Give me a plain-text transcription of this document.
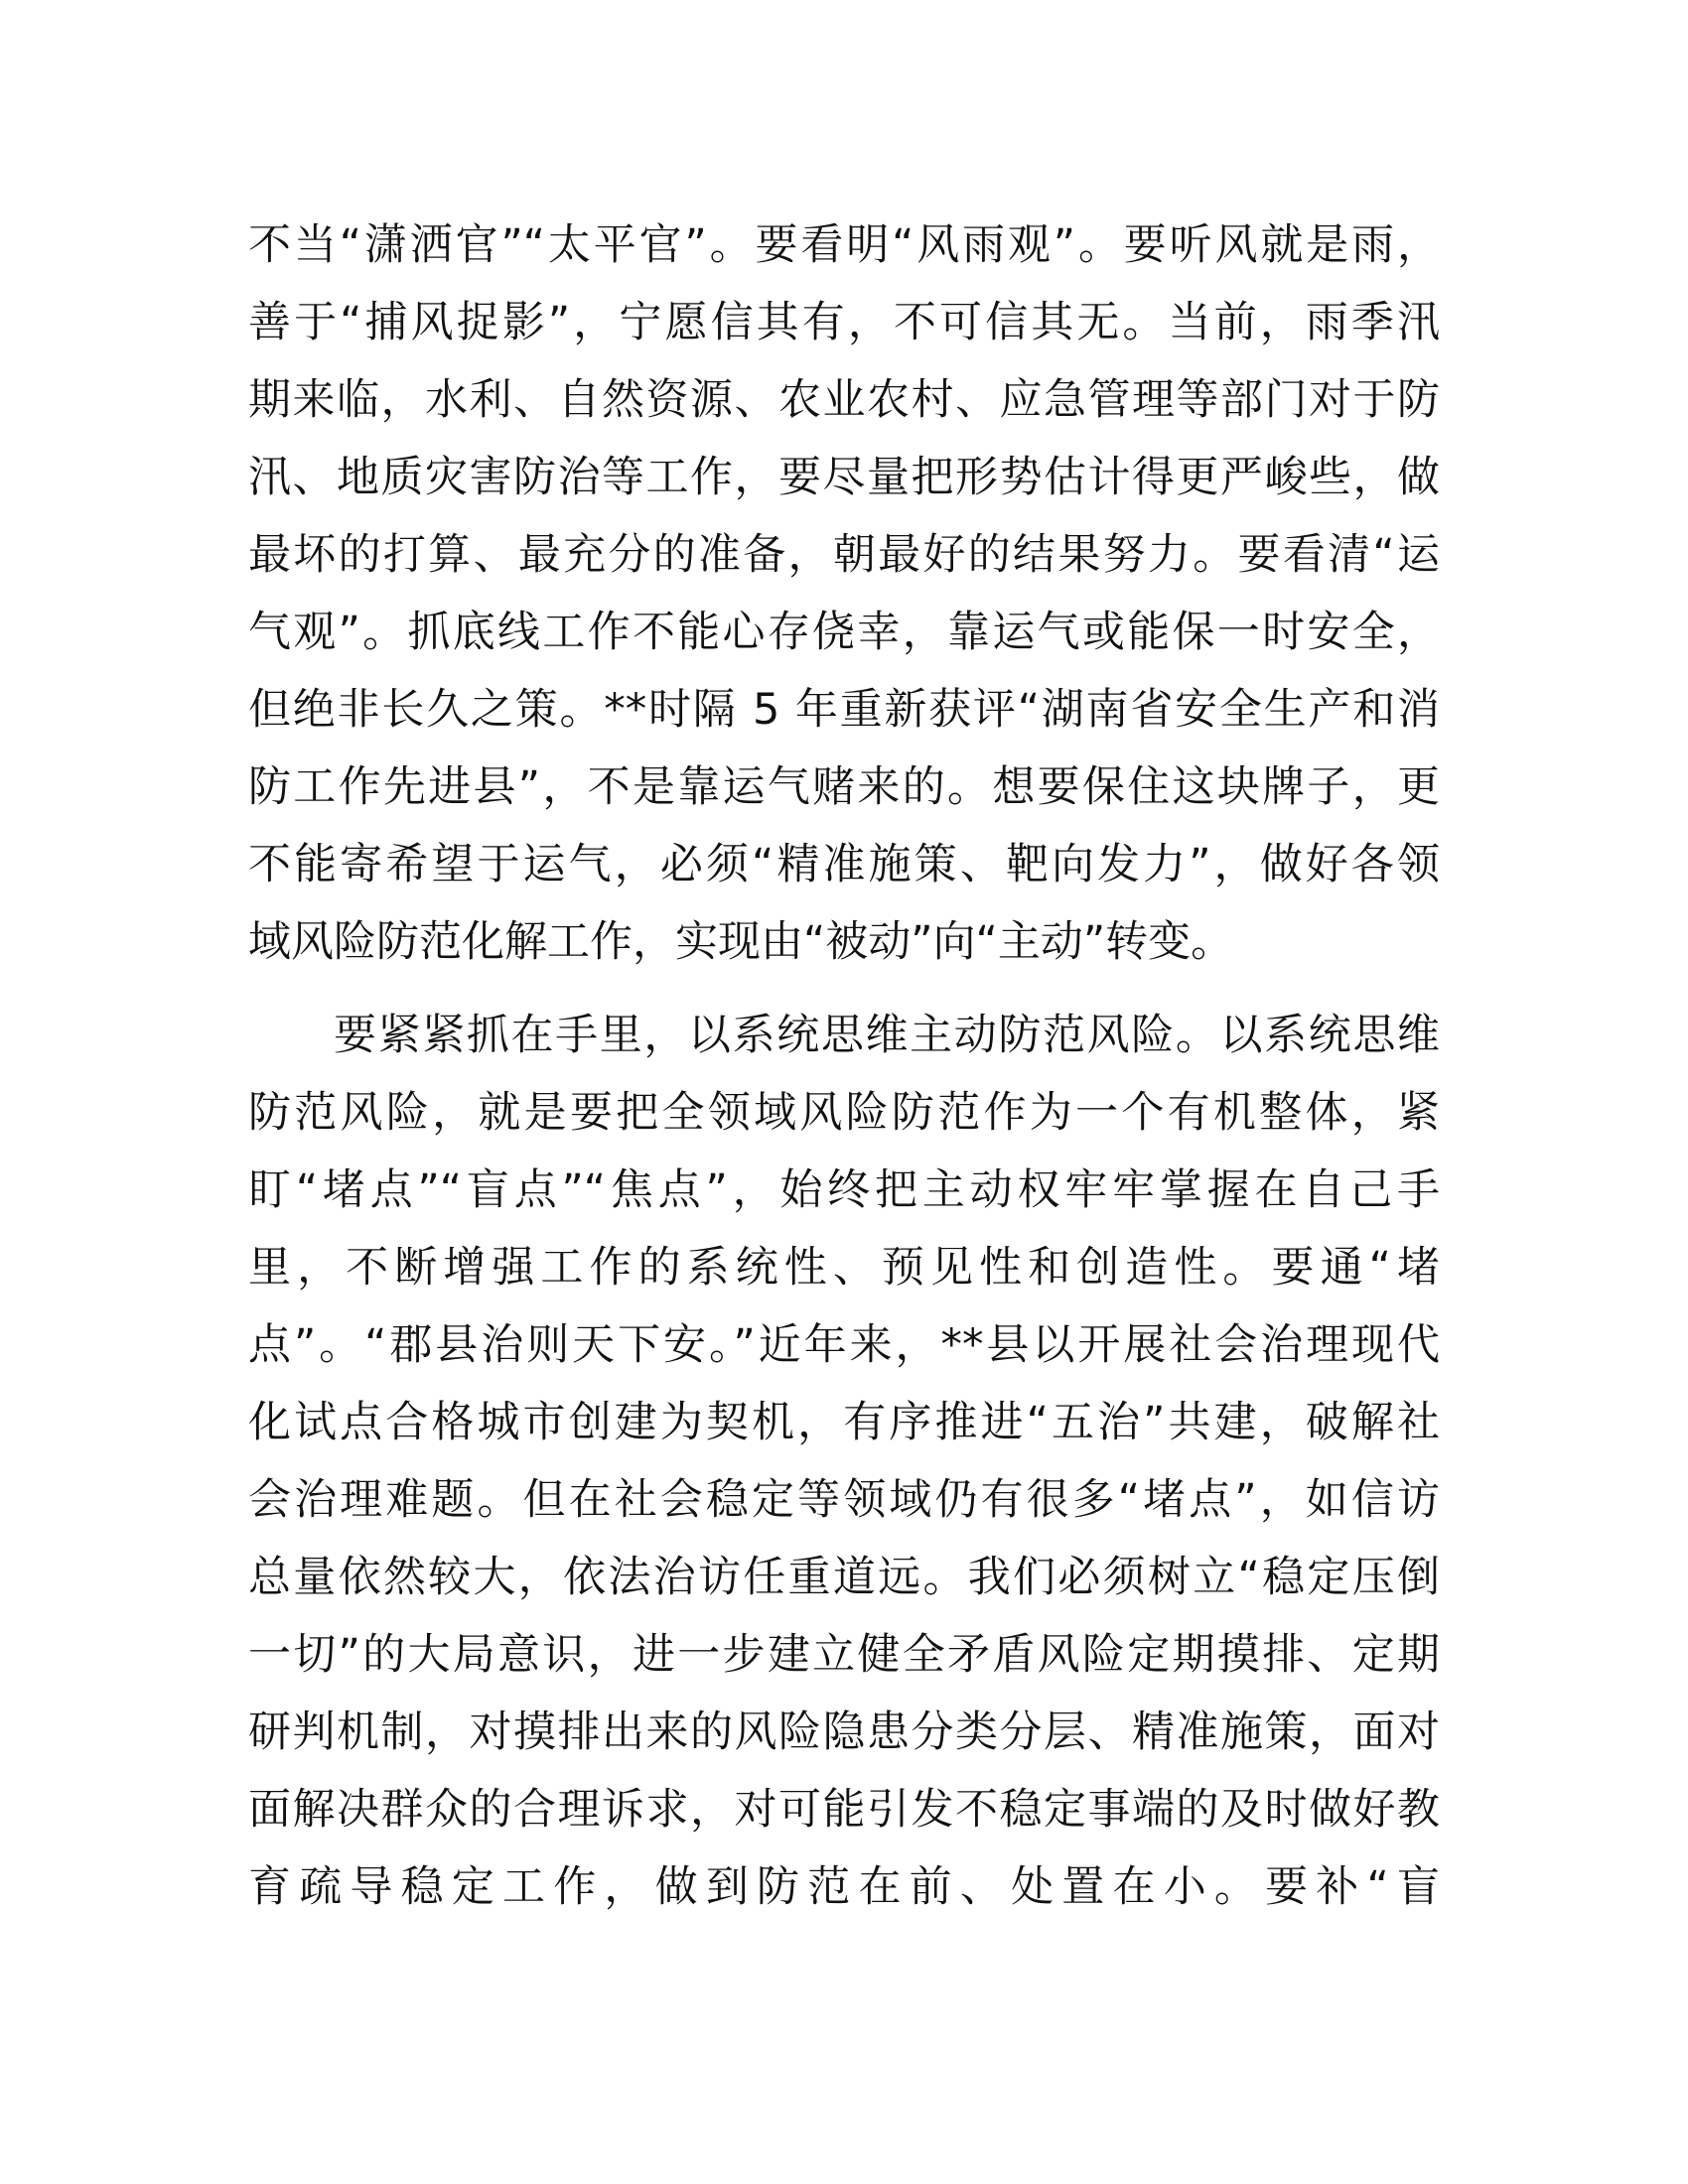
不当“潇洒官”“太平官”。要看明“风雨观”。要听风就是雨，
善于“捕风捉影”，宁愿信其有，不可信其无。当前，雨季汛
期来临，水利、自然资源、农业农村、应急管理等部门对于防
汛、地质灾害防治等工作，要尽量把形势估计得更严峻些，做
最坏的打算、最充分的准备，朝最好的结果努力。要看清“运
气观”。抓底线工作不能心存侥幸，靠运气或能保一时安全，
但绝非长久之策。**时隔 5 年重新获评“湖南省安全生产和消
防工作先进县”，不是靠运气赌来的。想要保住这块牌子，更
不能寄希望于运气，必须“精准施策、靶向发力”，做好各领
域风险防范化解工作，实现由“被动”向“主动”转变。
要紧紧抓在手里，以系统思维主动防范风险。以系统思维
防范风险，就是要把全领域风险防范作为一个有机整体，紧
盯“堵点”“盲点”“焦点”，始终把主动权牢牢掌握在自己手
里，不断增强工作的系统性、预见性和创造性。要通“堵
点”。“郡县治则天下安。”近年来，**县以开展社会治理现代
化试点合格城市创建为契机，有序推进“五治”共建，破解社
会治理难题。但在社会稳定等领域仍有很多“堵点”，如信访
总量依然较大，依法治访任重道远。我们必须树立“稳定压倒
一切”的大局意识，进一步建立健全矛盾风险定期摸排、定期
研判机制，对摸排出来的风险隐患分类分层、精准施策，面对
面解决群众的合理诉求，对可能引发不稳定事端的及时做好教
育疏导稳定工作，做到防范在前、处置在小。要补“盲
